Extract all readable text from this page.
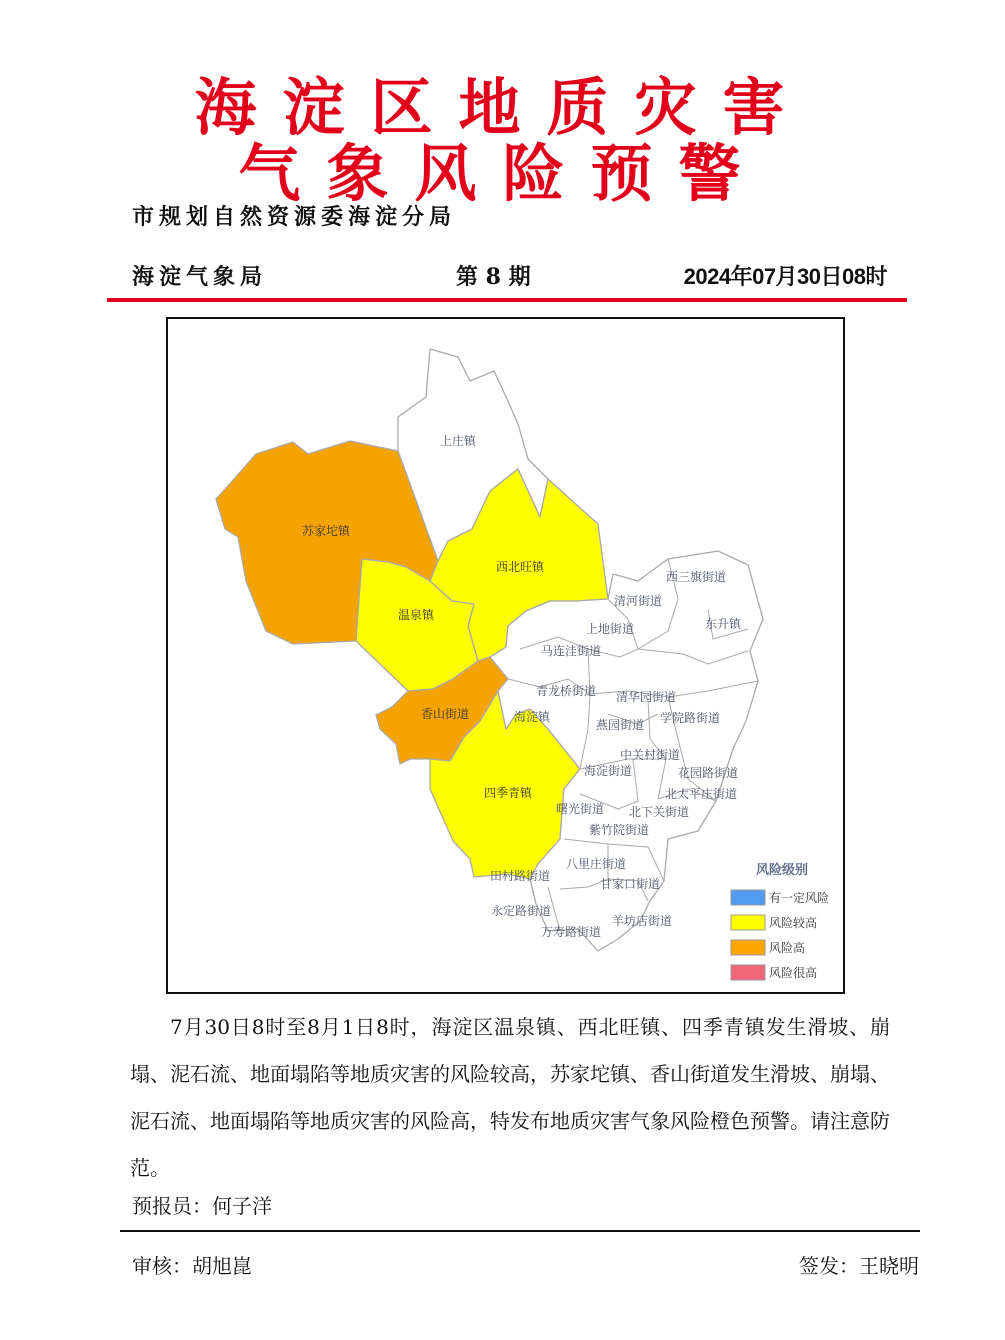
海淀区地质灾害
气象风险预警
市规划自然资源委海淀分局
海淀气象局	第 8 期	2024年07月30日08时
上庄镇
苏家坨镇
西北旺镇
温泉镇
香山街道
四季青镇
西三旗街道
清河街道
东升镇
上地街道
马连洼街道
青龙桥街道 清华园街道
燕园街道 学院路街道
海淀镇
中关村街道
海淀街道	花园路街道
北太平庄街道
曙光街道 北下关街道
紫竹院街道
八里庄街道
甘家口街道
田村路街道
永定路街道
羊坊店街道
万寿路街道
风险级别
有一定风险
风险较高
风险高
风险很高
7月30日8时至8月1日8时，海淀区温泉镇、西北旺镇、四季青镇发生滑坡、崩塌、泥石流、地面塌陷等地质灾害的风险较高，苏家坨镇、香山街道发生滑坡、崩塌、泥石流、地面塌陷等地质灾害的风险高，特发布地质灾害气象风险橙色预警。请注意防范。
预报员：何子洋
审核：胡旭崑	签发：王晓明
